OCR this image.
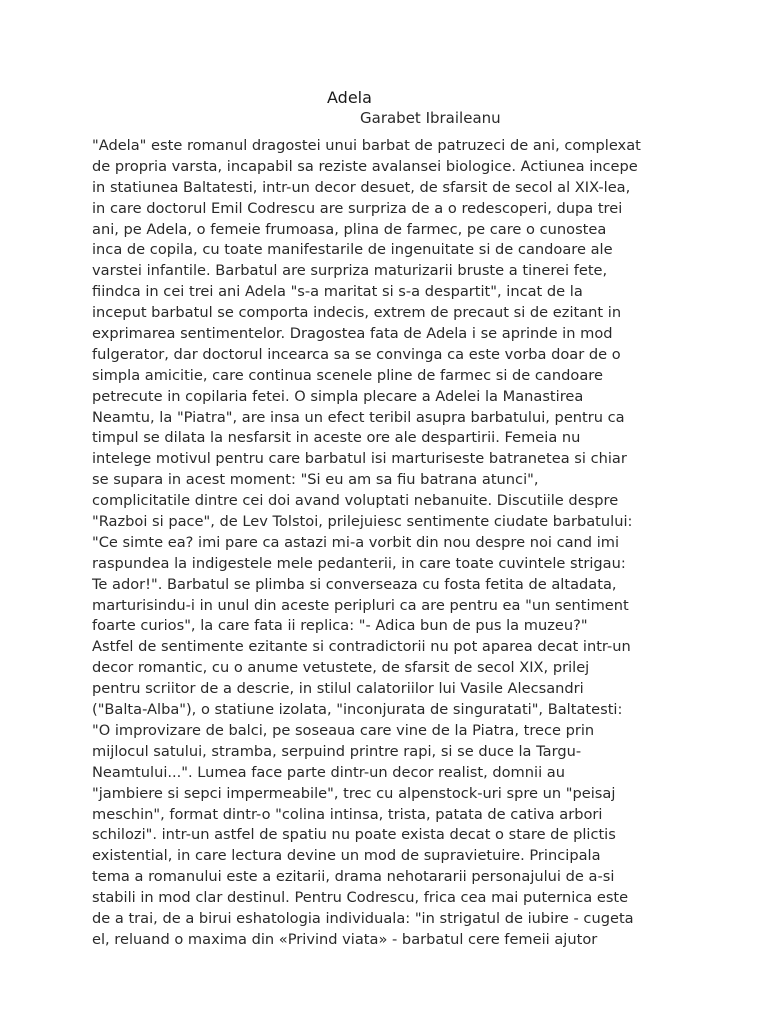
Adela
Garabet Ibraileanu
"Adela" este romanul dragostei unui barbat de patruzeci de ani, complexat
de propria varsta, incapabil sa reziste avalansei biologice. Actiunea incepe
in statiunea Baltatesti, intr-un decor desuet, de sfarsit de secol al XIX-lea,
in care doctorul Emil Codrescu are surpriza de a o redescoperi, dupa trei
ani, pe Adela, o femeie frumoasa, plina de farmec, pe care o cunostea
inca de copila, cu toate manifestarile de ingenuitate si de candoare ale
varstei infantile. Barbatul are surpriza maturizarii bruste a tinerei fete,
fiindca in cei trei ani Adela "s-a maritat si s-a despartit", incat de la
inceput barbatul se comporta indecis, extrem de precaut si de ezitant in
exprimarea sentimentelor. Dragostea fata de Adela i se aprinde in mod
fulgerator, dar doctorul incearca sa se convinga ca este vorba doar de o
simpla amicitie, care continua scenele pline de farmec si de candoare
petrecute in copilaria fetei. O simpla plecare a Adelei la Manastirea
Neamtu, la "Piatra", are insa un efect teribil asupra barbatului, pentru ca
timpul se dilata la nesfarsit in aceste ore ale despartirii. Femeia nu
intelege motivul pentru care barbatul isi marturiseste batranetea si chiar
se supara in acest moment: "Si eu am sa fiu batrana atunci",
complicitatile dintre cei doi avand voluptati nebanuite. Discutiile despre
"Razboi si pace", de Lev Tolstoi, prilejuiesc sentimente ciudate barbatului:
"Ce simte ea? imi pare ca astazi mi-a vorbit din nou despre noi cand imi
raspundea la indigestele mele pedanterii, in care toate cuvintele strigau:
Te ador!". Barbatul se plimba si converseaza cu fosta fetita de altadata,
marturisindu-i in unul din aceste peripluri ca are pentru ea "un sentiment
foarte curios", la care fata ii replica: "- Adica bun de pus la muzeu?"
Astfel de sentimente ezitante si contradictorii nu pot aparea decat intr-un
decor romantic, cu o anume vetustete, de sfarsit de secol XIX, prilej
pentru scriitor de a descrie, in stilul calatoriilor lui Vasile Alecsandri
("Balta-Alba"), o statiune izolata, "inconjurata de singuratati", Baltatesti:
"O improvizare de balci, pe soseaua care vine de la Piatra, trece prin
mijlocul satului, stramba, serpuind printre rapi, si se duce la Targu-
Neamtului...". Lumea face parte dintr-un decor realist, domnii au
"jambiere si sepci impermeabile", trec cu alpenstock-uri spre un "peisaj
meschin", format dintr-o "colina intinsa, trista, patata de cativa arbori
schilozi". intr-un astfel de spatiu nu poate exista decat o stare de plictis
existential, in care lectura devine un mod de supravietuire. Principala
tema a romanului este a ezitarii, drama nehotararii personajului de a-si
stabili in mod clar destinul. Pentru Codrescu, frica cea mai puternica este
de a trai, de a birui eshatologia individuala: "in strigatul de iubire - cugeta
el, reluand o maxima din «Privind viata» - barbatul cere femeii ajutor
